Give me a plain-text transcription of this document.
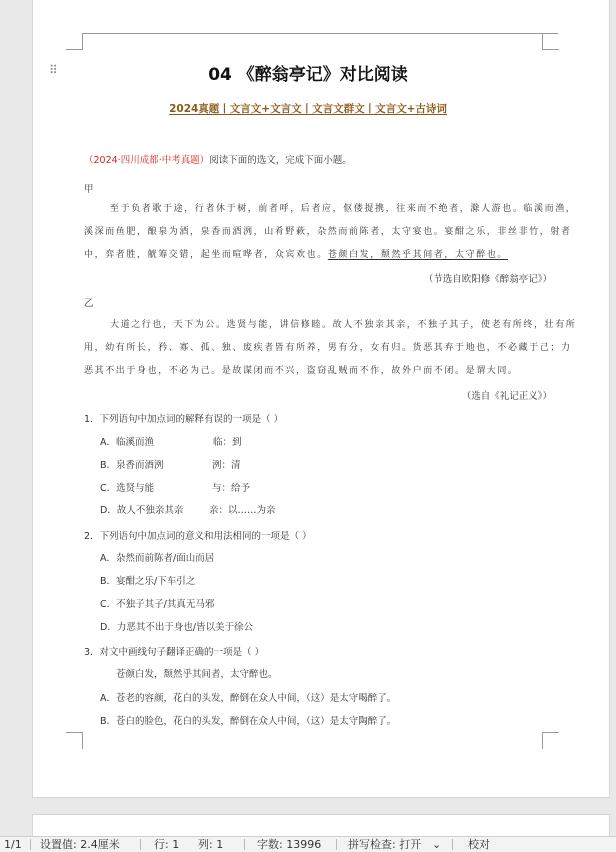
⠿	04 《醉翁亭记》对比阅读
2024真题丨文言文+文言文丨文言文群文丨文言文+古诗词
（2024·四川成都·中考真题）阅读下面的选文，完成下面小题。
甲
至于负者歌于途，行者休于树，前者呼，后者应，伛偻提携，往来而不绝者，滁人游也。临溪而渔，
溪深而鱼肥，酿泉为酒，泉香而酒洌，山肴野蔌，杂然而前陈者，太守宴也。宴酣之乐，非丝非竹，射者
中，弈者胜，觥筹交错，起坐而喧哗者，众宾欢也。苍颜白发，颓然乎其间者，太守醉也。
（节选自欧阳修《醉翁亭记》）
乙
大道之行也，天下为公。选贤与能，讲信修睦。故人不独亲其亲，不独子其子，使老有所终，壮有所
用，幼有所长，矜、寡、孤、独、废疾者皆有所养，男有分，女有归。货恶其弃于地也，不必藏于己；力
恶其不出于身也，不必为己。是故谋闭而不兴，盗窃乱贼而不作，故外户而不闭。是谓大同。
（选自《礼记正义》）
1．下列语句中加点词的解释有误的一项是（ ）
A．临溪而渔	临：到
B．泉香而酒洌	洌：清
C．选贤与能	与：给予
D．故人不独亲其亲	亲：以……为亲
2．下列语句中加点词的意义和用法相同的一项是（ ）
A．杂然而前陈者/面山而居
B．宴酣之乐/下车引之
C．不独子其子/其真无马邪
D．力恶其不出于身也/皆以美于徐公
3．对文中画线句子翻译正确的一项是（ ）
苍颜白发，颓然乎其间者，太守醉也。
A．苍老的容颜，花白的头发，醉倒在众人中间，（这）是太守喝醉了。
B．苍白的脸色，花白的头发，醉倒在众人中间，（这）是太守陶醉了。
1/1 设置值: 2.4厘米	行: 1 列: 1	字数: 13996 拼写检查: 打开 ⌄ 校对
